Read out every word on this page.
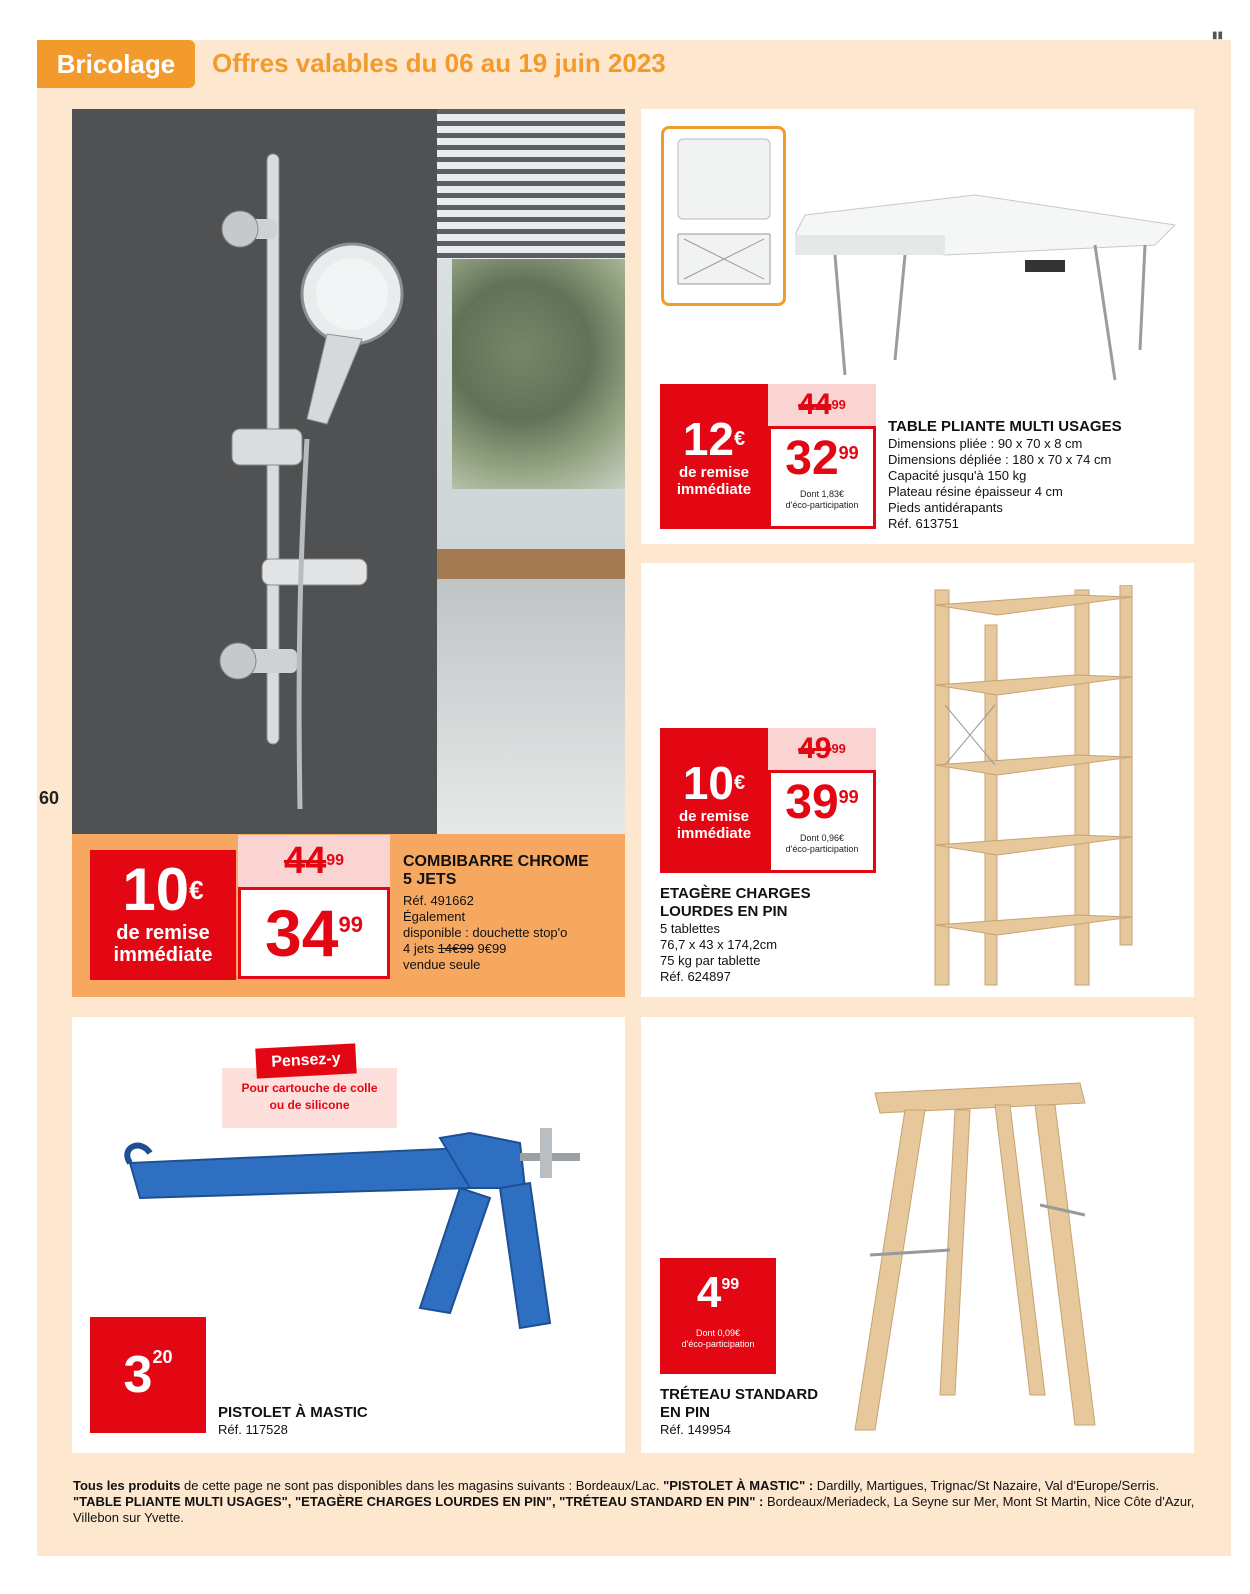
Bricolage	Offres valables du 06 au 19 juin 2023
▮▮
60
10€
de remise
immédiate
$44^{99}$
3499
COMBIBARRE CHROME
5 JETS
Réf. 491662
Également
disponible : douchette stop'o
4 jets 14€99 9€99
vendue seule
12€
de remise
immédiate
$44^{99}$
3299
Dont 1,83€
d'éco-participation
TABLE PLIANTE MULTI USAGES
Dimensions pliée : 90 x 70 x 8 cm
Dimensions dépliée : 180 x 70 x 74 cm
Capacité jusqu'à 150 kg
Plateau résine épaisseur 4 cm
Pieds antidérapants
Réf. 613751
10€
de remise
immédiate
$49^{99}$
3999
Dont 0,96€
d'éco-participation
ETAGÈRE CHARGES
LOURDES EN PIN
5 tablettes
76,7 x 43 x 174,2cm
75 kg par tablette
Réf. 624897
Pour cartouche de colle
ou de silicone
Pensez-y
320
PISTOLET À MASTIC
Réf. 117528
499
Dont 0,09€
d'éco-participation
TRÉTEAU STANDARD
EN PIN
Réf. 149954
Tous les produits de cette page ne sont pas disponibles dans les magasins suivants : Bordeaux/Lac. "PISTOLET À MASTIC" : Dardilly, Martigues, Trignac/St Nazaire, Val d'Europe/Serris.
"TABLE PLIANTE MULTI USAGES", "ETAGÈRE CHARGES LOURDES EN PIN", "TRÉTEAU STANDARD EN PIN" : Bordeaux/Meriadeck, La Seyne sur Mer, Mont St Martin, Nice Côte d'Azur,
Villebon sur Yvette.
